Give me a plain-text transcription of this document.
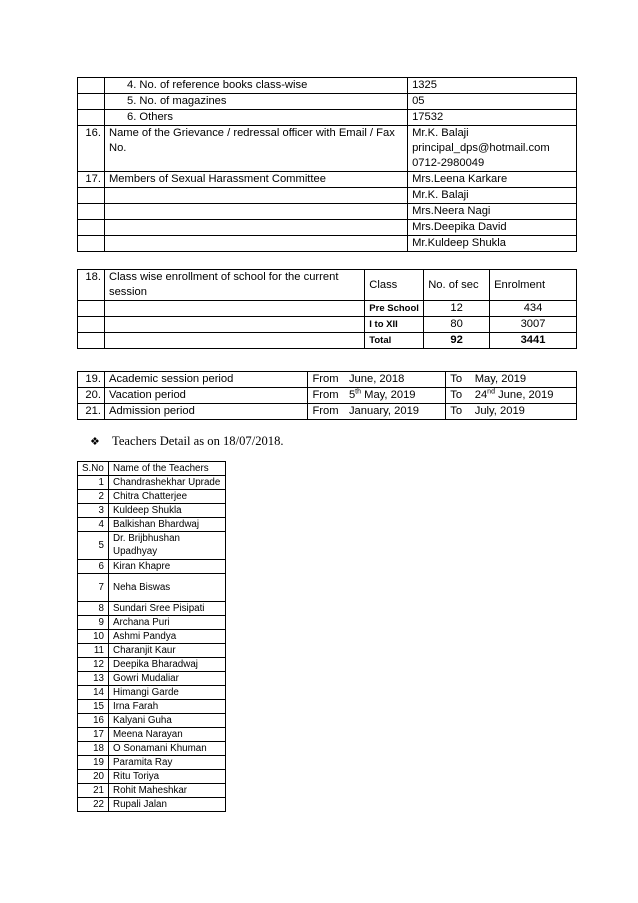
	4. No. of reference books class-wise	1325
	5. No. of magazines	05
	6. Others	17532
16.	Name of the Grievance / redressal officer with Email / Fax No.	Mr.K. Balaji
principal_dps@hotmail.com
0712-2980049

17.	Members of Sexual Harassment Committee	Mrs.Leena Karkare
		Mr.K. Balaji
		Mrs.Neera Nagi
		Mrs.Deepika David
		Mr.Kuldeep Shukla
18.	Class wise enrollment of school for the current session	Class	No. of sec	Enrolment
		Pre School	12	434
		I to XII	80	3007
		Total	92	3441
19.	Academic session period	From	June, 2018	To	May, 2019
20.	Vacation period	From	5th May, 2019	To	24nd June, 2019
21.	Admission period	From	January, 2019	To	July, 2019
❖ Teachers Detail as on 18/07/2018.
S.No	Name of the Teachers
1	Chandrashekhar Uprade
2	Chitra Chatterjee
3	Kuldeep Shukla
4	Balkishan Bhardwaj
5	Dr. Brijbhushan Upadhyay
6	Kiran Khapre
7	Neha Biswas
8	Sundari Sree Pisipati
9	Archana Puri
10	Ashmi Pandya
11	Charanjit Kaur
12	Deepika Bharadwaj
13	Gowri Mudaliar
14	Himangi Garde
15	Irna Farah
16	Kalyani Guha
17	Meena Narayan
18	O Sonamani Khuman
19	Paramita Ray
20	Ritu Toriya
21	Rohit Maheshkar
22	Rupali Jalan
